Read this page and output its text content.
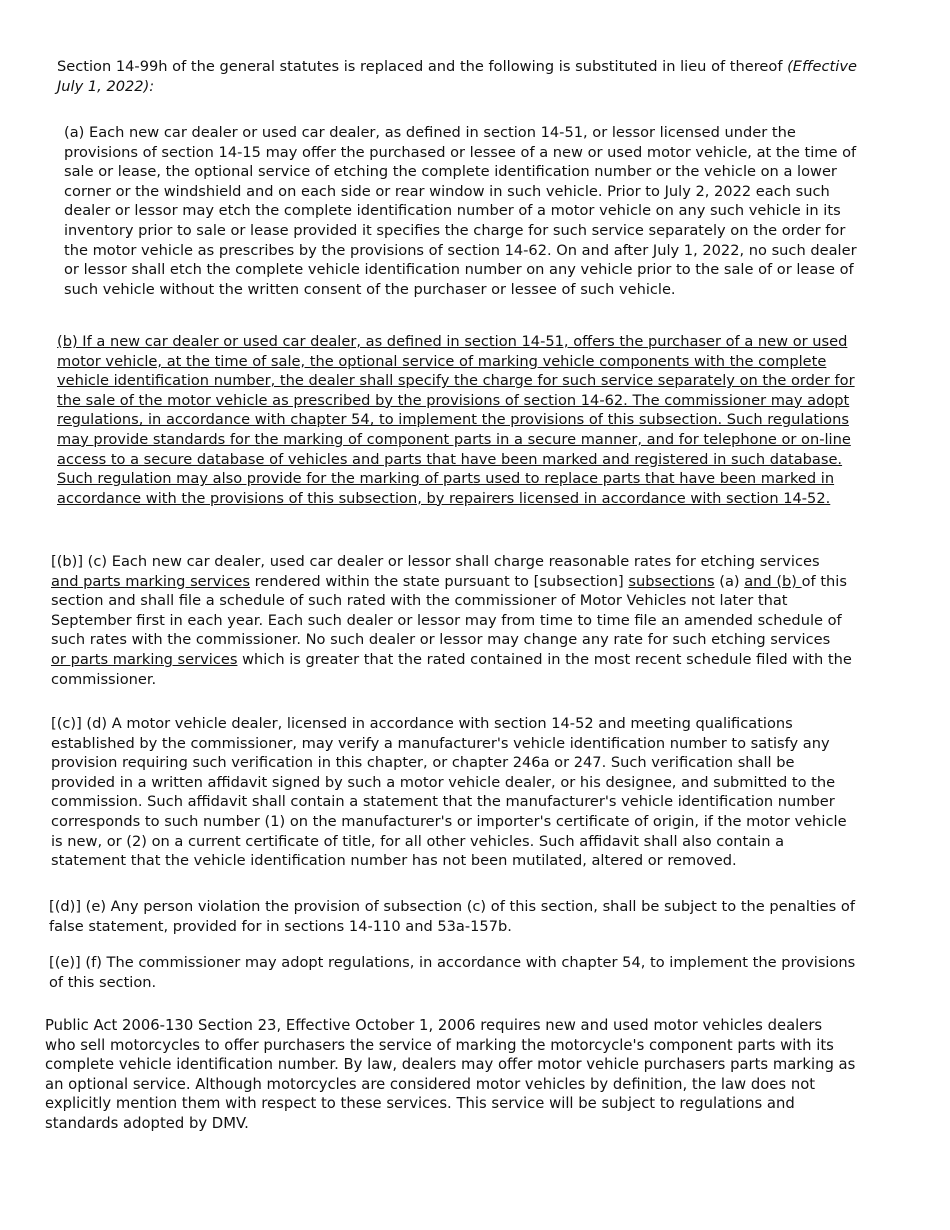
Section 14-99h of the general statutes is replaced and the following is substituted in lieu of thereof (Effective
July 1, 2022):

(a) Each new car dealer or used car dealer, as defined in section 14-51, or lessor licensed under the
provisions of section 14-15 may offer the purchased or lessee of a new or used motor vehicle, at the time of
sale or lease, the optional service of etching the complete identification number or the vehicle on a lower
corner or the windshield and on each side or rear window in such vehicle. Prior to July 2, 2022 each such
dealer or lessor may etch the complete identification number of a motor vehicle on any such vehicle in its
inventory prior to sale or lease provided it specifies the charge for such service separately on the order for
the motor vehicle as prescribes by the provisions of section 14-62. On and after July 1, 2022, no such dealer
or lessor shall etch the complete vehicle identification number on any vehicle prior to the sale of or lease of
such vehicle without the written consent of the purchaser or lessee of such vehicle.

(b) If a new car dealer or used car dealer, as defined in section 14-51, offers the purchaser of a new or used
motor vehicle, at the time of sale, the optional service of marking vehicle components with the complete
vehicle identification number, the dealer shall specify the charge for such service separately on the order for
the sale of the motor vehicle as prescribed by the provisions of section 14-62. The commissioner may adopt
regulations, in accordance with chapter 54, to implement the provisions of this subsection. Such regulations
may provide standards for the marking of component parts in a secure manner, and for telephone or on-line
access to a secure database of vehicles and parts that have been marked and registered in such database.
Such regulation may also provide for the marking of parts used to replace parts that have been marked in
accordance with the provisions of this subsection, by repairers licensed in accordance with section 14-52.

[(b)] (c) Each new car dealer, used car dealer or lessor shall charge reasonable rates for etching services
and parts marking services rendered within the state pursuant to [subsection] subsections (a) and (b) of this
section and shall file a schedule of such rated with the commissioner of Motor Vehicles not later that
September first in each year. Each such dealer or lessor may from time to time file an amended schedule of
such rates with the commissioner. No such dealer or lessor may change any rate for such etching services
or parts marking services which is greater that the rated contained in the most recent schedule filed with the
commissioner.

[(c)] (d) A motor vehicle dealer, licensed in accordance with section 14-52 and meeting qualifications
established by the commissioner, may verify a manufacturer's vehicle identification number to satisfy any
provision requiring such verification in this chapter, or chapter 246a or 247. Such verification shall be
provided in a written affidavit signed by such a motor vehicle dealer, or his designee, and submitted to the
commission. Such affidavit shall contain a statement that the manufacturer's vehicle identification number
corresponds to such number (1) on the manufacturer's or importer's certificate of origin, if the motor vehicle
is new, or (2) on a current certificate of title, for all other vehicles. Such affidavit shall also contain a
statement that the vehicle identification number has not been mutilated, altered or removed.

[(d)] (e) Any person violation the provision of subsection (c) of this section, shall be subject to the penalties of
false statement, provided for in sections 14-110 and 53a-157b.

[(e)] (f) The commissioner may adopt regulations, in accordance with chapter 54, to implement the provisions
of this section.

Public Act 2006-130 Section 23, Effective October 1, 2006 requires new and used motor vehicles dealers
who sell motorcycles to offer purchasers the service of marking the motorcycle's component parts with its
complete vehicle identification number. By law, dealers may offer motor vehicle purchasers parts marking as
an optional service. Although motorcycles are considered motor vehicles by definition, the law does not
explicitly mention them with respect to these services. This service will be subject to regulations and
standards adopted by DMV.
